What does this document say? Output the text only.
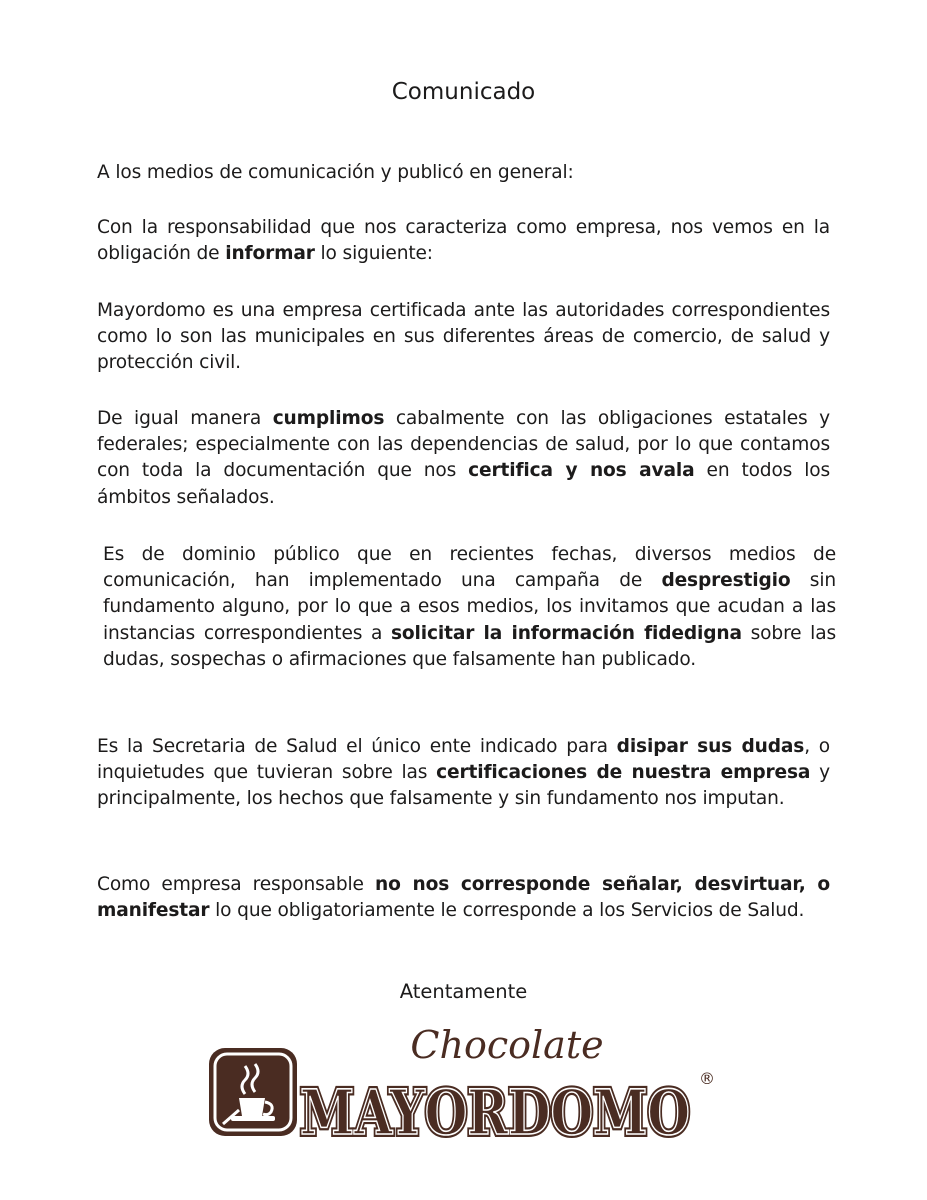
Comunicado

A los medios de comunicación y publicó en general:

Con la responsabilidad que nos caracteriza como empresa, nos vemos en la obligación de informar lo siguiente:

Mayordomo es una empresa certificada ante las autoridades correspondientes como lo son las municipales en sus diferentes áreas de comercio, de salud y protección civil.

De igual manera cumplimos cabalmente con las obligaciones estatales y federales; especialmente con las dependencias de salud, por lo que contamos con toda la documentación que nos certifica y nos avala en todos los ámbitos señalados.

Es de dominio público que en recientes fechas, diversos medios de comunicación, han implementado una campaña de desprestigio sin fundamento alguno, por lo que a esos medios, los invitamos que acudan a las instancias correspondientes a solicitar la información fidedigna sobre las dudas, sospechas o afirmaciones que falsamente han publicado.

Es la Secretaria de Salud el único ente indicado para disipar sus dudas, o inquietudes que tuvieran sobre las certificaciones de nuestra empresa y principalmente, los hechos que falsamente y sin fundamento nos imputan.

Como empresa responsable no nos corresponde señalar, desvirtuar, o manifestar lo que obligatoriamente le corresponde a los Servicios de Salud.

Atentamente
Chocolate
MAYORDOMO
MAYORDOMO ®
